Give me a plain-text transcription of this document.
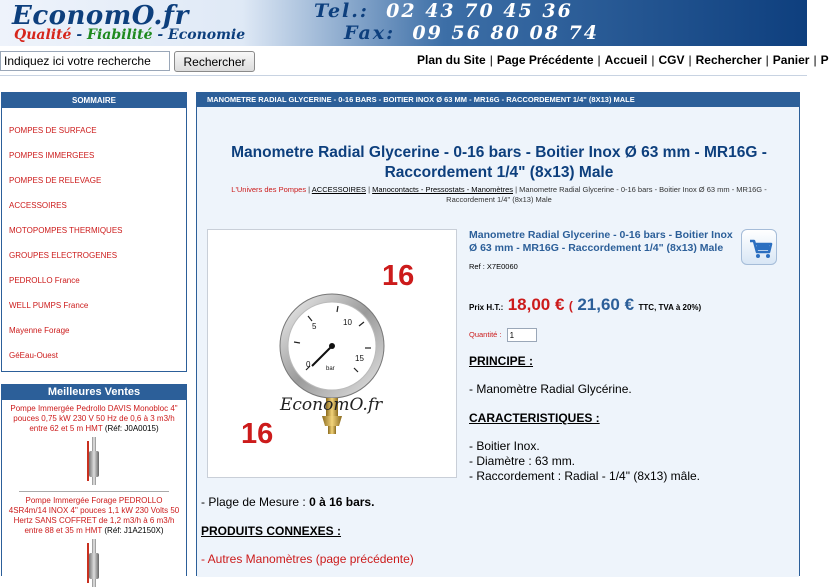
EconomO.fr
Qualité - Fiabilité - Economie
Tel.: 02 43 70 45 36
Fax: 09 56 80 08 74
Indiquez ici votre recherche
Rechercher	Plan du Site | Page Précédente | Accueil | CGV | Rechercher | Panier | P
SOMMAIRE
POMPES DE SURFACE
POMPES IMMERGEES
POMPES DE RELEVAGE
ACCESSOIRES
MOTOPOMPES THERMIQUES
GROUPES ELECTROGENES
PEDROLLO France
WELL PUMPS France
Mayenne Forage
GéEau-Ouest
Meilleures Ventes
Pompe Immergée Pedrollo DAVIS Monobloc 4" pouces 0,75 kW 230 V 50 Hz de 0,6 à 3 m3/h entre 62 et 5 m HMT (Réf: J0A0015)
Pompe Immergée Forage PEDROLLO 4SR4m/14 INOX 4" pouces 1,1 kW 230 Volts 50 Hertz SANS COFFRET de 1,2 m3/h à 6 m3/h entre 88 et 35 m HMT (Réf: J1A2150X)
MANOMETRE RADIAL GLYCERINE - 0-16 BARS - BOITIER INOX Ø 63 MM - MR16G - RACCORDEMENT 1/4" (8X13) MALE
Manometre Radial Glycerine - 0-16 bars - Boitier Inox Ø 63 mm - MR16G - Raccordement 1/4" (8x13) Male
L'Univers des Pompes | ACCESSOIRES | Manocontacts - Pressostats - Manomètres | Manometre Radial Glycerine - 0-16 bars - Boitier Inox Ø 63 mm - MR16G - Raccordement 1/4" (8x13) Male
0
5	10
15
bar
16
16
EconomO.fr
Manometre Radial Glycerine - 0-16 bars - Boitier Inox Ø 63 mm - MR16G - Raccordement 1/4" (8x13) Male
Ref : X7E0060
Prix H.T.: 18,00 € ( 21,60 € TTC, TVA à 20%)
Quantité : 1
PRINCIPE :
- Manomètre Radial Glycérine.
CARACTERISTIQUES :
- Boitier Inox.
- Diamètre : 63 mm.
- Raccordement : Radial - 1/4" (8x13) mâle.
- Plage de Mesure : 0 à 16 bars.
PRODUITS CONNEXES :
- Autres Manomètres (page précédente)
